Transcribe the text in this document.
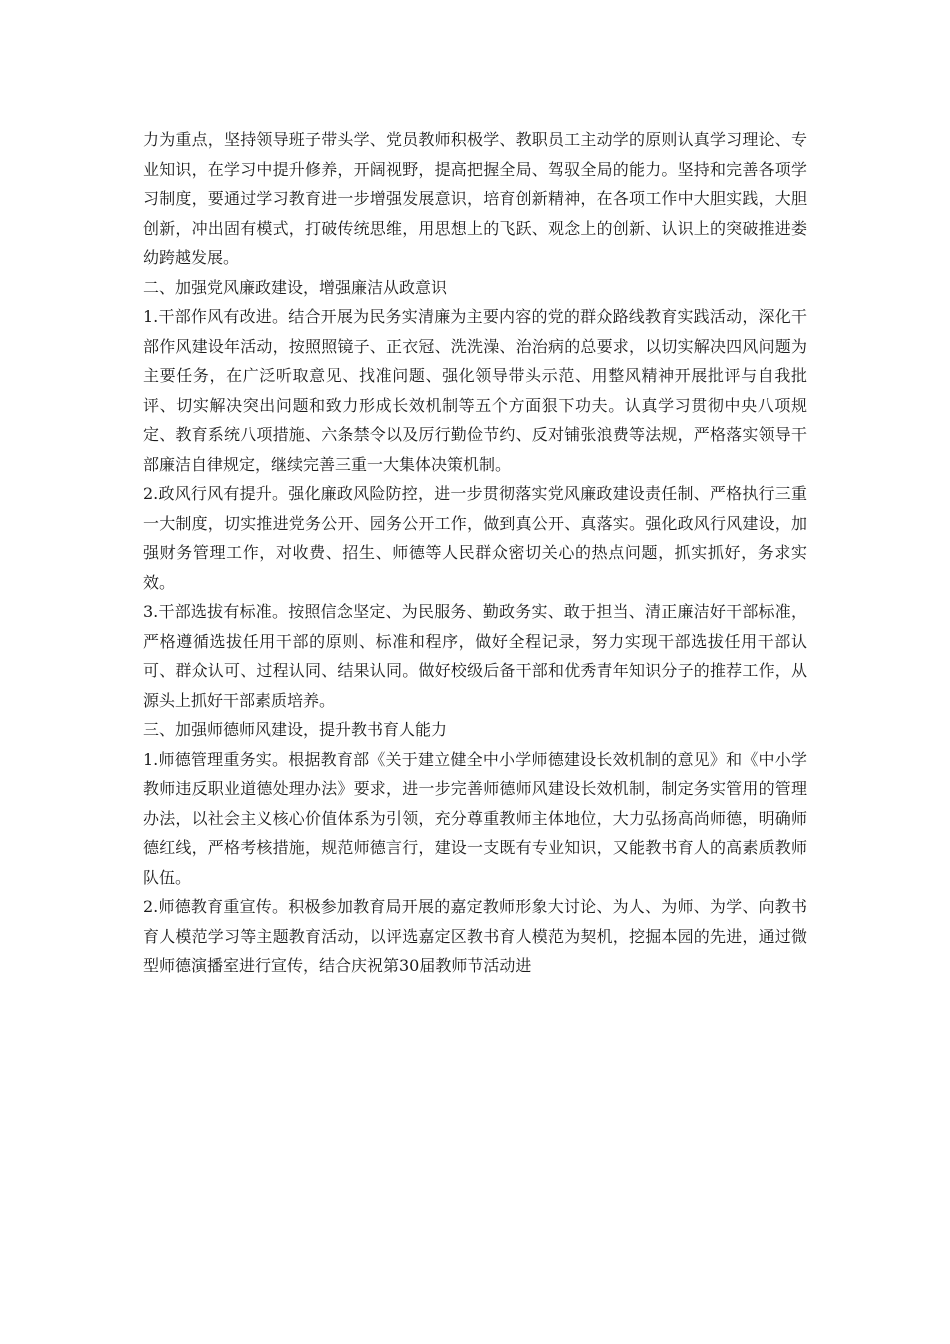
力为重点，坚持领导班子带头学、党员教师积极学、教职员工主动学的原则认真学习理论、专业知识，在学习中提升修养，开阔视野，提高把握全局、驾驭全局的能力。坚持和完善各项学习制度，要通过学习教育进一步增强发展意识，培育创新精神，在各项工作中大胆实践，大胆创新，冲出固有模式，打破传统思维，用思想上的飞跃、观念上的创新、认识上的突破推进娄幼跨越发展。

二、加强党风廉政建设，增强廉洁从政意识

1.干部作风有改进。结合开展为民务实清廉为主要内容的党的群众路线教育实践活动，深化干部作风建设年活动，按照照镜子、正衣冠、洗洗澡、治治病的总要求，以切实解决四风问题为主要任务，在广泛听取意见、找准问题、强化领导带头示范、用整风精神开展批评与自我批评、切实解决突出问题和致力形成长效机制等五个方面狠下功夫。认真学习贯彻中央八项规定、教育系统八项措施、六条禁令以及厉行勤俭节约、反对铺张浪费等法规，严格落实领导干部廉洁自律规定，继续完善三重一大集体决策机制。

2.政风行风有提升。强化廉政风险防控，进一步贯彻落实党风廉政建设责任制、严格执行三重一大制度，切实推进党务公开、园务公开工作，做到真公开、真落实。强化政风行风建设，加强财务管理工作，对收费、招生、师德等人民群众密切关心的热点问题，抓实抓好，务求实效。

3.干部选拔有标准。按照信念坚定、为民服务、勤政务实、敢于担当、清正廉洁好干部标准，严格遵循选拔任用干部的原则、标准和程序，做好全程记录，努力实现干部选拔任用干部认可、群众认可、过程认同、结果认同。做好校级后备干部和优秀青年知识分子的推荐工作，从源头上抓好干部素质培养。

三、加强师德师风建设，提升教书育人能力

1.师德管理重务实。根据教育部《关于建立健全中小学师德建设长效机制的意见》和《中小学教师违反职业道德处理办法》要求，进一步完善师德师风建设长效机制，制定务实管用的管理办法，以社会主义核心价值体系为引领，充分尊重教师主体地位，大力弘扬高尚师德，明确师德红线，严格考核措施，规范师德言行，建设一支既有专业知识，又能教书育人的高素质教师队伍。

2.师德教育重宣传。积极参加教育局开展的嘉定教师形象大讨论、为人、为师、为学、向教书育人模范学习等主题教育活动，以评选嘉定区教书育人模范为契机，挖掘本园的先进，通过微型师德演播室进行宣传，结合庆祝第30届教师节活动进
